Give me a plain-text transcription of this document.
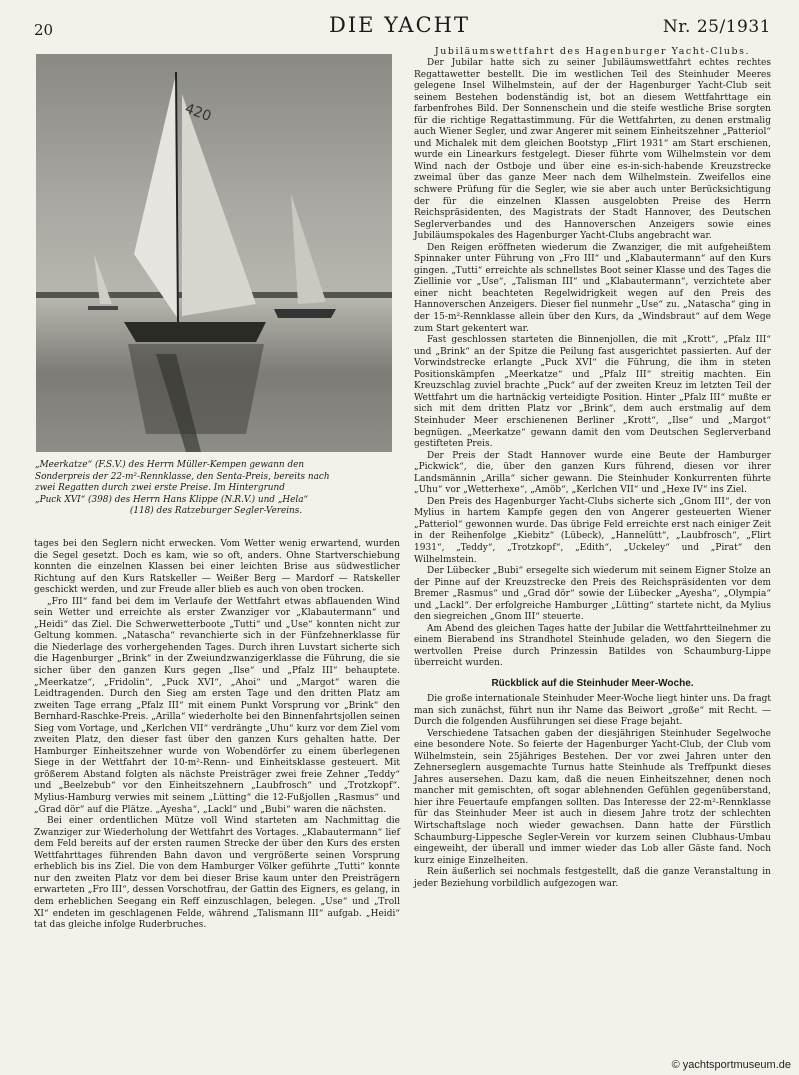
20	DIE YACHT	Nr. 25/1931
420
„Meerkatze“ (F.S.V.) des Herrn Müller-Kempen gewann den
Sonderpreis der 22-m²-Rennklasse, den Senta-Preis, bereits nach
zwei Regatten durch zwei erste Preise. Im Hintergrund
„Puck XVI“ (398) des Herrn Hans Klippe (N.R.V.) und „Hela“
(118) des Ratzeburger Segler-Vereins.

tages bei den Seglern nicht erwecken. Vom Wetter wenig erwartend, wurden die Segel gesetzt. Doch es kam, wie so oft, anders. Ohne Startverschiebung konnten die einzelnen Klassen bei einer leichten Brise aus südwestlicher Richtung auf den Kurs Ratskeller — Weißer Berg — Mardorf — Ratskeller geschickt werden, und zur Freude aller blieb es auch von oben trocken.

„Fro III“ fand bei dem im Verlaufe der Wettfahrt etwas abflauenden Wind sein Wetter und erreichte als erster Zwanziger vor „Klabautermann“ und „Heidi“ das Ziel. Die Schwerwetterboote „Tutti“ und „Use“ konnten nicht zur Geltung kommen. „Natascha“ revanchierte sich in der Fünfzehnerklasse für die Niederlage des vorhergehenden Tages. Durch ihren Luvstart sicherte sich die Hagenburger „Brink“ in der Zweiundzwanzigerklasse die Führung, die sie sicher über den ganzen Kurs gegen „Ilse“ und „Pfalz III“ behauptete. „Meerkatze“, „Fridolin“, „Puck XVI“, „Ahoi“ und „Margot“ waren die Leidtragenden. Durch den Sieg am ersten Tage und den dritten Platz am zweiten Tage errang „Pfalz III“ mit einem Punkt Vorsprung vor „Brink“ den Bernhard-Raschke-Preis. „Arilla“ wiederholte bei den Binnenfahrtsjollen seinen Sieg vom Vortage, und „Kerlchen VII“ verdrängte „Uhu“ kurz vor dem Ziel vom zweiten Platz, den dieser fast über den ganzen Kurs gehalten hatte. Der Hamburger Einheitszehner wurde von Wobendörfer zu einem überlegenen Siege in der Wettfahrt der 10-m²-Renn- und Einheitsklasse gesteuert. Mit größerem Abstand folgten als nächste Preisträger zwei freie Zehner „Teddy“ und „Beelzebub“ vor den Einheitszehnern „Laubfrosch“ und „Trotzkopf“. Mylius-Hamburg verwies mit seinem „Lütting“ die 12-Fußjollen „Rasmus“ und „Grad dör“ auf die Plätze. „Ayesha“, „Lackl“ und „Bubi“ waren die nächsten.

Bei einer ordentlichen Mütze voll Wind starteten am Nachmittag die Zwanziger zur Wiederholung der Wettfahrt des Vortages. „Klabautermann“ lief dem Feld bereits auf der ersten raumen Strecke der über den Kurs des ersten Wettfahrttages führenden Bahn davon und vergrößerte seinen Vorsprung erheblich bis ins Ziel. Die von dem Hamburger Völker geführte „Tutti“ konnte nur den zweiten Platz vor dem bei dieser Brise kaum unter den Preisträgern erwarteten „Fro III“, dessen Vorschotfrau, der Gattin des Eigners, es gelang, in dem erheblichen Seegang ein Reff einzuschlagen, belegen. „Use“ und „Troll XI“ endeten im geschlagenen Felde, während „Talismann III“ aufgab. „Heidi“ tat das gleiche infolge Ruderbruches.

Jubiläumswettfahrt des Hagenburger Yacht-Clubs.

Der Jubilar hatte sich zu seiner Jubiläumswettfahrt echtes rechtes Regattawetter bestellt. Die im westlichen Teil des Steinhuder Meeres gelegene Insel Wilhelmstein, auf der der Hagenburger Yacht-Club seit seinem Bestehen bodenständig ist, bot an diesem Wettfahrttage ein farbenfrohes Bild. Der Sonnenschein und die steife westliche Brise sorgten für die richtige Regattastimmung. Für die Wettfahrten, zu denen erstmalig auch Wiener Segler, und zwar Angerer mit seinem Einheitszehner „Patteriol“ und Michalek mit dem gleichen Bootstyp „Flirt 1931“ am Start erschienen, wurde ein Linearkurs festgelegt. Dieser führte vom Wilhelmstein vor dem Wind nach der Ostboje und über eine es-in-sich-habende Kreuzstrecke zweimal über das ganze Meer nach dem Wilhelmstein. Zweifellos eine schwere Prüfung für die Segler, wie sie aber auch unter Berücksichtigung der für die einzelnen Klassen ausgelobten Preise des Herrn Reichspräsidenten, des Magistrats der Stadt Hannover, des Deutschen Seglerverbandes und des Hannoverschen Anzeigers sowie eines Jubiläumspokales des Hagenburger Yacht-Clubs angebracht war.

Den Reigen eröffneten wiederum die Zwanziger, die mit aufgeheißtem Spinnaker unter Führung von „Fro III“ und „Klabautermann“ auf den Kurs gingen. „Tutti“ erreichte als schnellstes Boot seiner Klasse und des Tages die Ziellinie vor „Use“, „Talisman III“ und „Klabautermann“, verzichtete aber einer nicht beachteten Regelwidrigkeit wegen auf den Preis des Hannoverschen Anzeigers. Dieser fiel nunmehr „Use“ zu. „Natascha“ ging in der 15-m²-Rennklasse allein über den Kurs, da „Windsbraut“ auf dem Wege zum Start gekentert war.

Fast geschlossen starteten die Binnenjollen, die mit „Krott“, „Pfalz III“ und „Brink“ an der Spitze die Peilung fast ausgerichtet passierten. Auf der Vorwindstrecke erlangte „Puck XVI“ die Führung, die ihm in steten Positionskämpfen „Meerkatze“ und „Pfalz III“ streitig machten. Ein Kreuzschlag zuviel brachte „Puck“ auf der zweiten Kreuz im letzten Teil der Wettfahrt um die hartnäckig verteidigte Position. Hinter „Pfalz III“ mußte er sich mit dem dritten Platz vor „Brink“, dem auch erstmalig auf dem Steinhuder Meer erschienenen Berliner „Krott“, „Ilse“ und „Margot“ begnügen. „Meerkatze“ gewann damit den vom Deutschen Seglerverband gestifteten Preis.

Der Preis der Stadt Hannover wurde eine Beute der Hamburger „Pickwick“, die, über den ganzen Kurs führend, diesen vor ihrer Landsmännin „Arilla“ sicher gewann. Die Steinhuder Konkurrenten führte „Uhu“ vor „Wetterhexe“, „Amöb“, „Kerlchen VII“ und „Hexe IV“ ins Ziel.

Den Preis des Hagenburger Yacht-Clubs sicherte sich „Gnom III“, der von Mylius in hartem Kampfe gegen den von Angerer gesteuerten Wiener „Patteriol“ gewonnen wurde. Das übrige Feld erreichte erst nach einiger Zeit in der Reihenfolge „Kiebitz“ (Lübeck), „Hannelütt“, „Laubfrosch“, „Flirt 1931“, „Teddy“, „Trotzkopf“, „Edith“, „Uckeley“ und „Pirat“ den Wilhelmstein.

Der Lübecker „Bubi“ ersegelte sich wiederum mit seinem Eigner Stolze an der Pinne auf der Kreuzstrecke den Preis des Reichspräsidenten vor dem Bremer „Rasmus“ und „Grad dör“ sowie der Lübecker „Ayesha“, „Olympia“ und „Lackl“. Der erfolgreiche Hamburger „Lütting“ startete nicht, da Mylius den siegreichen „Gnom III“ steuerte.

Am Abend des gleichen Tages hatte der Jubilar die Wettfahrtteilnehmer zu einem Bierabend ins Strandhotel Steinhude geladen, wo den Siegern die wertvollen Preise durch Prinzessin Batildes von Schaumburg-Lippe überreicht wurden.

Rückblick auf die Steinhuder Meer-Woche.

Die große internationale Steinhuder Meer-Woche liegt hinter uns. Da fragt man sich zunächst, führt nun ihr Name das Beiwort „große“ mit Recht. — Durch die folgenden Ausführungen sei diese Frage bejaht.

Verschiedene Tatsachen gaben der diesjährigen Steinhuder Segelwoche eine besondere Note. So feierte der Hagenburger Yacht-Club, der Club vom Wilhelmstein, sein 25jähriges Bestehen. Der vor zwei Jahren unter den Zehnerseglern ausgemachte Turnus hatte Steinhude als Treffpunkt dieses Jahres ausersehen. Dazu kam, daß die neuen Einheitszehner, denen noch mancher mit gemischten, oft sogar ablehnenden Gefühlen gegenüberstand, hier ihre Feuertaufe empfangen sollten. Das Interesse der 22-m²-Rennklasse für das Steinhuder Meer ist auch in diesem Jahre trotz der schlechten Wirtschaftslage noch wieder gewachsen. Dann hatte der Fürstlich Schaumburg-Lippesche Segler-Verein vor kurzem seinen Clubhaus-Umbau eingeweiht, der überall und immer wieder das Lob aller Gäste fand. Noch kurz einige Einzelheiten.

Rein äußerlich sei nochmals festgestellt, daß die ganze Veranstaltung in jeder Beziehung vorbildlich aufgezogen war.

© yachtsportmuseum.de
